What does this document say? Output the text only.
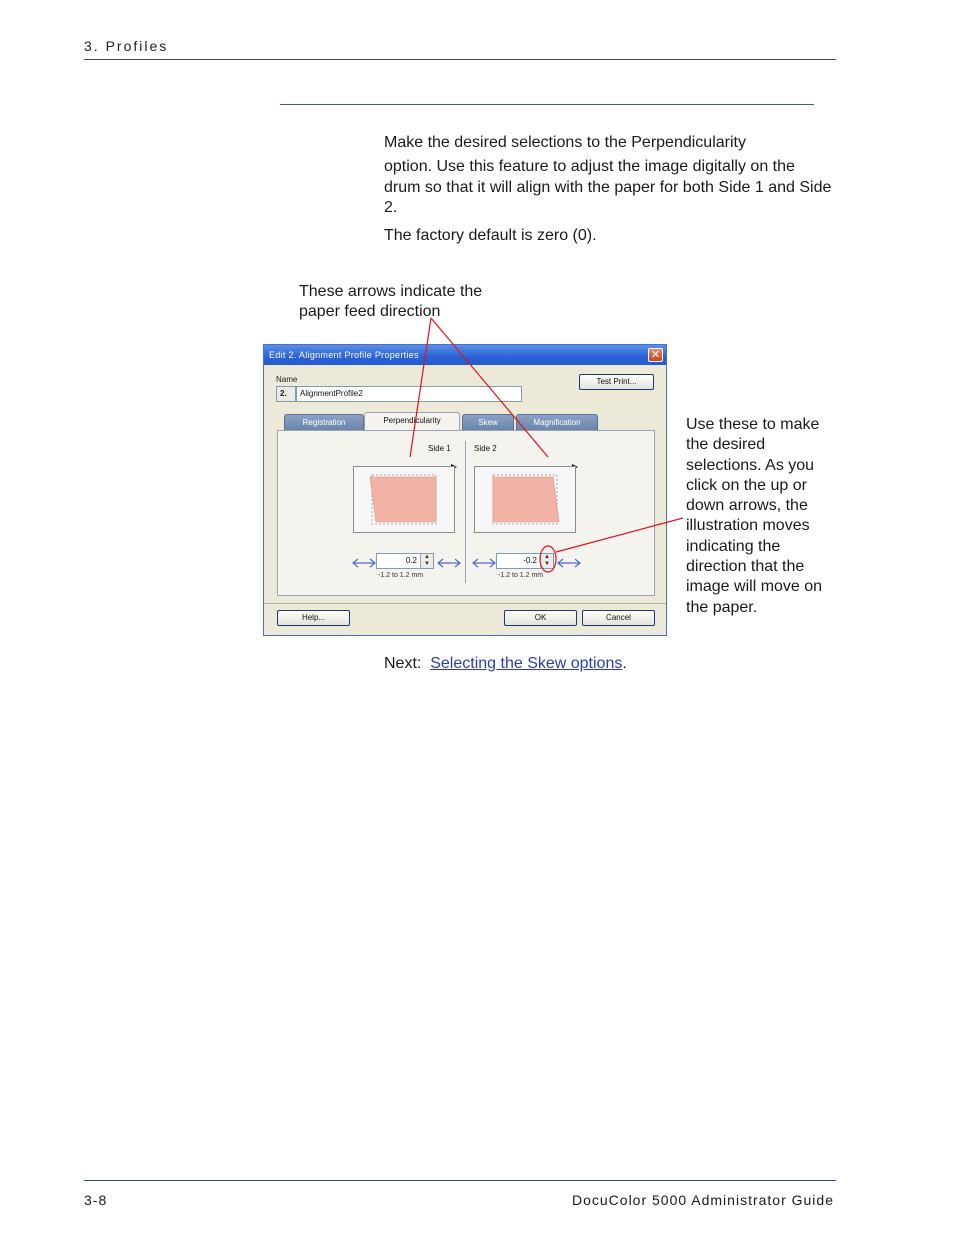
3. Profiles
Make the desired selections to the Perpendicularity
option. Use this feature to adjust the image digitally on the drum so that it will align with the paper for both Side 1 and Side 2.
The factory default is zero (0).
These arrows indicate the paper feed direction
Use these to make the desired selections. As you click on the up or down arrows, the illustration moves indicating the direction that the image will move on the paper.
Edit 2. Alignment Profile Properties	✕
Name
2.	AlignmentProfile2
Test Print...
Registration	Perpendicularity	Skew	Magnification
Side 1
0.2	▲
▼
-1.2 to 1.2 mm
Side 2
-0.2	▲
▼
-1.2 to 1.2 mm
Help...	OK	Cancel
Next: Selecting the Skew options.
3-8	DocuColor 5000 Administrator Guide
